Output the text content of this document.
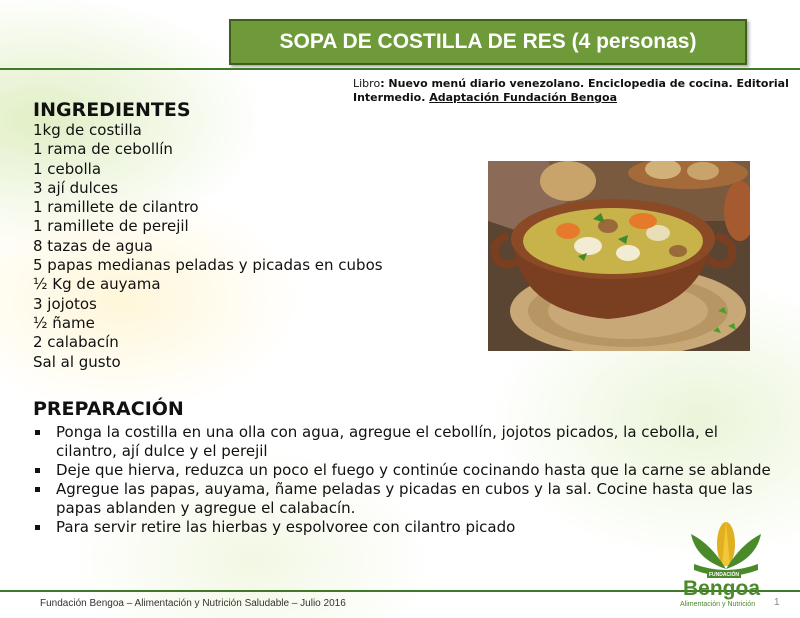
SOPA DE COSTILLA DE RES (4 personas)
Libro: Nuevo menú diario venezolano. Enciclopedia de cocina. Editorial Intermedio. Adaptación Fundación Bengoa
INGREDIENTES
1kg de costilla
1 rama de cebollín
1 cebolla
3 ají dulces
1 ramillete de cilantro
1 ramillete de perejil
8 tazas de agua
5 papas medianas peladas y picadas en cubos
½ Kg de auyama
3 jojotos
½ ñame
2 calabacín
Sal al gusto
PREPARACIÓN
Ponga la costilla en una olla con agua, agregue el cebollín, jojotos picados, la cebolla, el cilantro, ají dulce y el perejil
Deje que hierva, reduzca un poco el fuego y continúe cocinando hasta que la carne se ablande
Agregue las papas, auyama, ñame peladas y picadas en cubos y la sal. Cocine hasta que las papas ablanden y agregue el calabacín.
Para servir retire las hierbas y espolvoree con cilantro picado
Fundación Bengoa – Alimentación y Nutrición Saludable – Julio 2016	1
FUNDACIÓN
Bengoa
Alimentación y Nutrición
